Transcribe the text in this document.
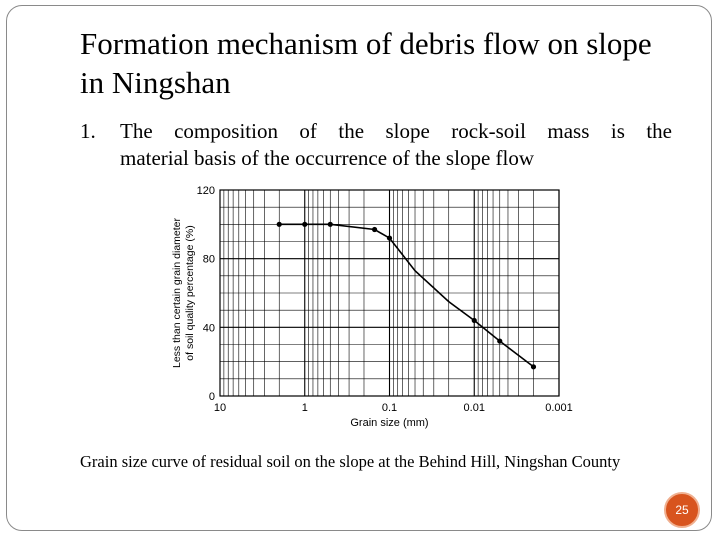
Formation mechanism of debris flow on slope in Ningshan
1. The composition of the slope rock-soil mass is the
material basis of the occurrence of the slope flow
0
40
80
120
10	1	0.1	0.01	0.001
Less than certain grain diameter of soil quality percentage (%)
Grain size (mm)
Grain size curve of residual soil on the slope at the Behind Hill, Ningshan County
25
